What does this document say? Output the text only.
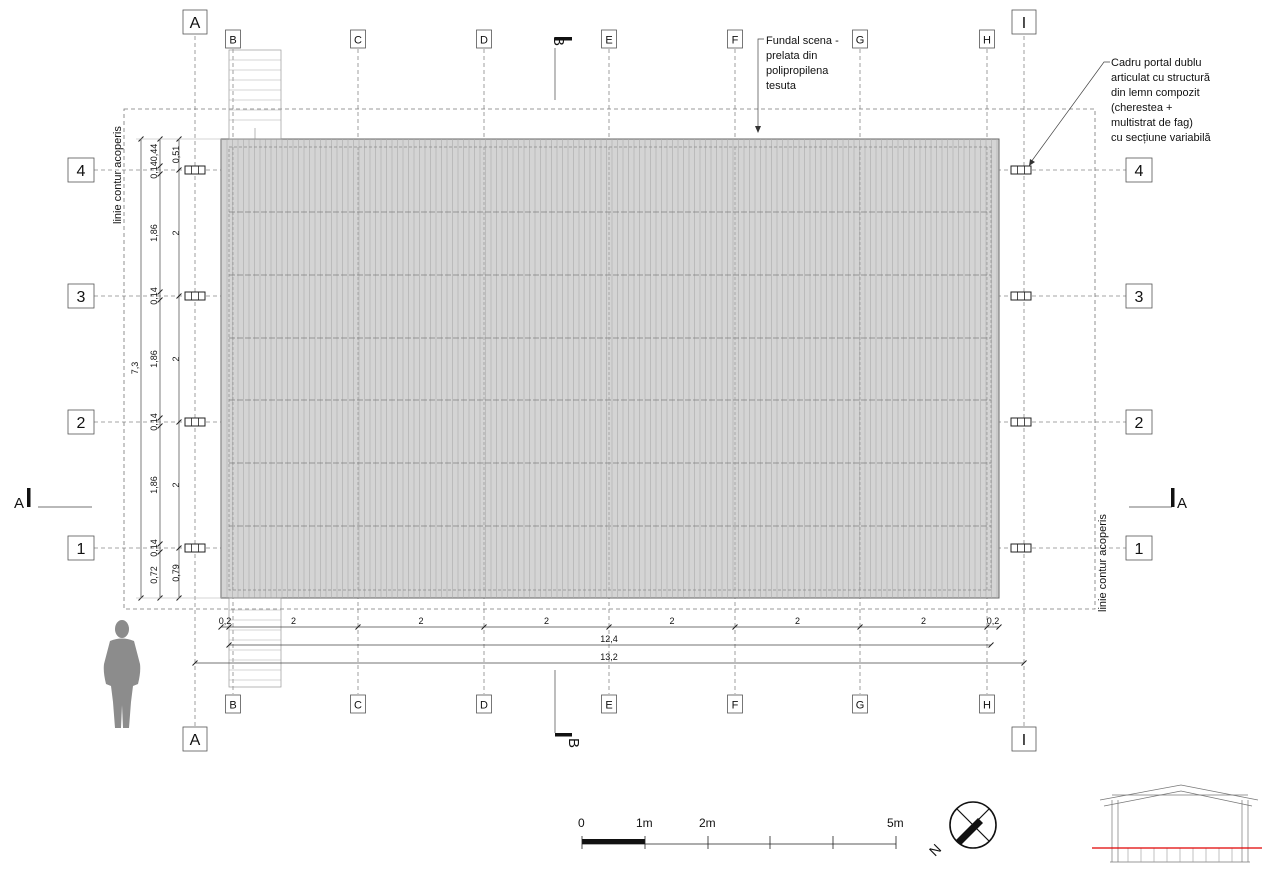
A
A
B
B
C
C
D
D
E
E
F
F
G
G
H
H
I
I
4	4
3	3
2	2
1	1
A	A
B
B
Fundal scena - prelata din polipropilena tesuta
Cadru portal dublu articulat cu structură din lemn compozit (cherestea + multistrat de fag) cu secțiune variabilă
linie contur acoperis
linie contur acoperis
0,2	2	2	2	2	2	2	0,2
12,4
13,2
0,51
2
2
2
0,79
0,44
0,14
1,86
0,14
1,86
0,14
1,86
0,14
0,72
7,3
0	1m	2m	5m
N
